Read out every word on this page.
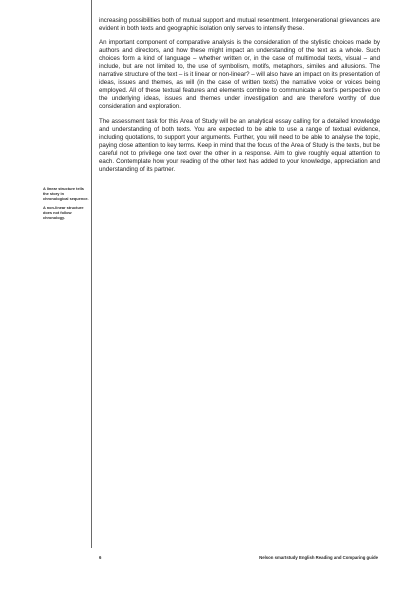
A linear structure tells the story in chronological sequence.

A non-linear structure does not follow chronology.

increasing possibilities both of mutual support and mutual resentment. Intergenerational grievances are evident in both texts and geographic isolation only serves to intensify these.

An important component of comparative analysis is the consideration of the stylistic choices made by authors and directors, and how these might impact an understanding of the text as a whole. Such choices form a kind of language – whether written or, in the case of multimodal texts, visual – and include, but are not limited to, the use of symbolism, motifs, metaphors, similes and allusions. The narrative structure of the text – is it linear or non-linear? – will also have an impact on its presentation of ideas, issues and themes, as will (in the case of written texts) the narrative voice or voices being employed. All of these textual features and elements combine to communicate a text’s perspective on the underlying ideas, issues and themes under investigation and are therefore worthy of due consideration and exploration.

The assessment task for this Area of Study will be an analytical essay calling for a detailed knowledge and understanding of both texts. You are expected to be able to use a range of textual evidence, including quotations, to support your arguments. Further, you will need to be able to analyse the topic, paying close attention to key terms. Keep in mind that the focus of the Area of Study is the texts, but be careful not to privilege one text over the other in a response. Aim to give roughly equal attention to each. Contemplate how your reading of the other text has added to your knowledge, appreciation and understanding of its partner.

6	Nelson smartstudy English Reading and Comparing guide
